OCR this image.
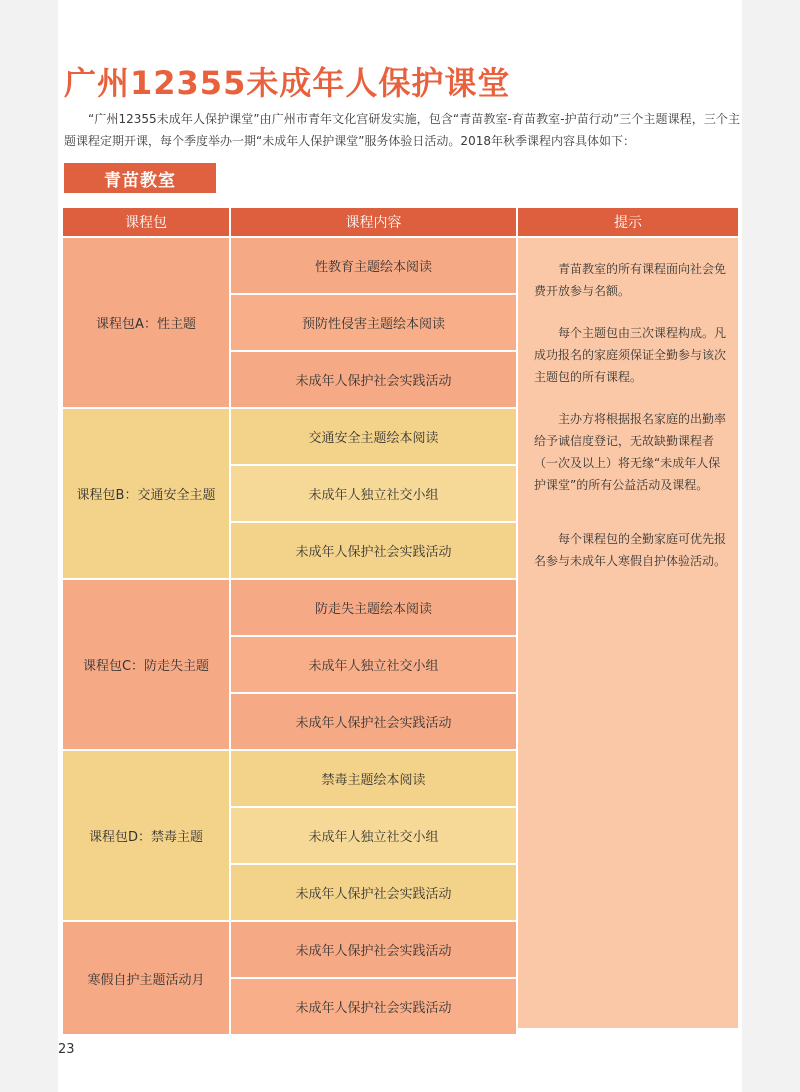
广州12355未成年人保护课堂
“广州12355未成年人保护课堂”由广州市青年文化宫研发实施，包含“青苗教室-育苗教室-护苗行动”三个主题课程，三个主题课程定期开课，每个季度举办一期“未成年人保护课堂”服务体验日活动。2018年秋季课程内容具体如下：
青苗教室
课程包	课程内容	提示
课程包A：性主题
性教育主题绘本阅读
预防性侵害主题绘本阅读
未成年人保护社会实践活动
课程包B：交通安全主题
交通安全主题绘本阅读
未成年人独立社交小组
未成年人保护社会实践活动
课程包C：防走失主题
防走失主题绘本阅读
未成年人独立社交小组
未成年人保护社会实践活动
课程包D：禁毒主题
禁毒主题绘本阅读
未成年人独立社交小组
未成年人保护社会实践活动
寒假自护主题活动月
未成年人保护社会实践活动
未成年人保护社会实践活动
青苗教室的所有课程面向社会免费开放参与名额。
每个主题包由三次课程构成。凡成功报名的家庭须保证全勤参与该次主题包的所有课程。
主办方将根据报名家庭的出勤率给予诚信度登记，无故缺勤课程者（一次及以上）将无缘“未成年人保护课堂”的所有公益活动及课程。
每个课程包的全勤家庭可优先报名参与未成年人寒假自护体验活动。
23
